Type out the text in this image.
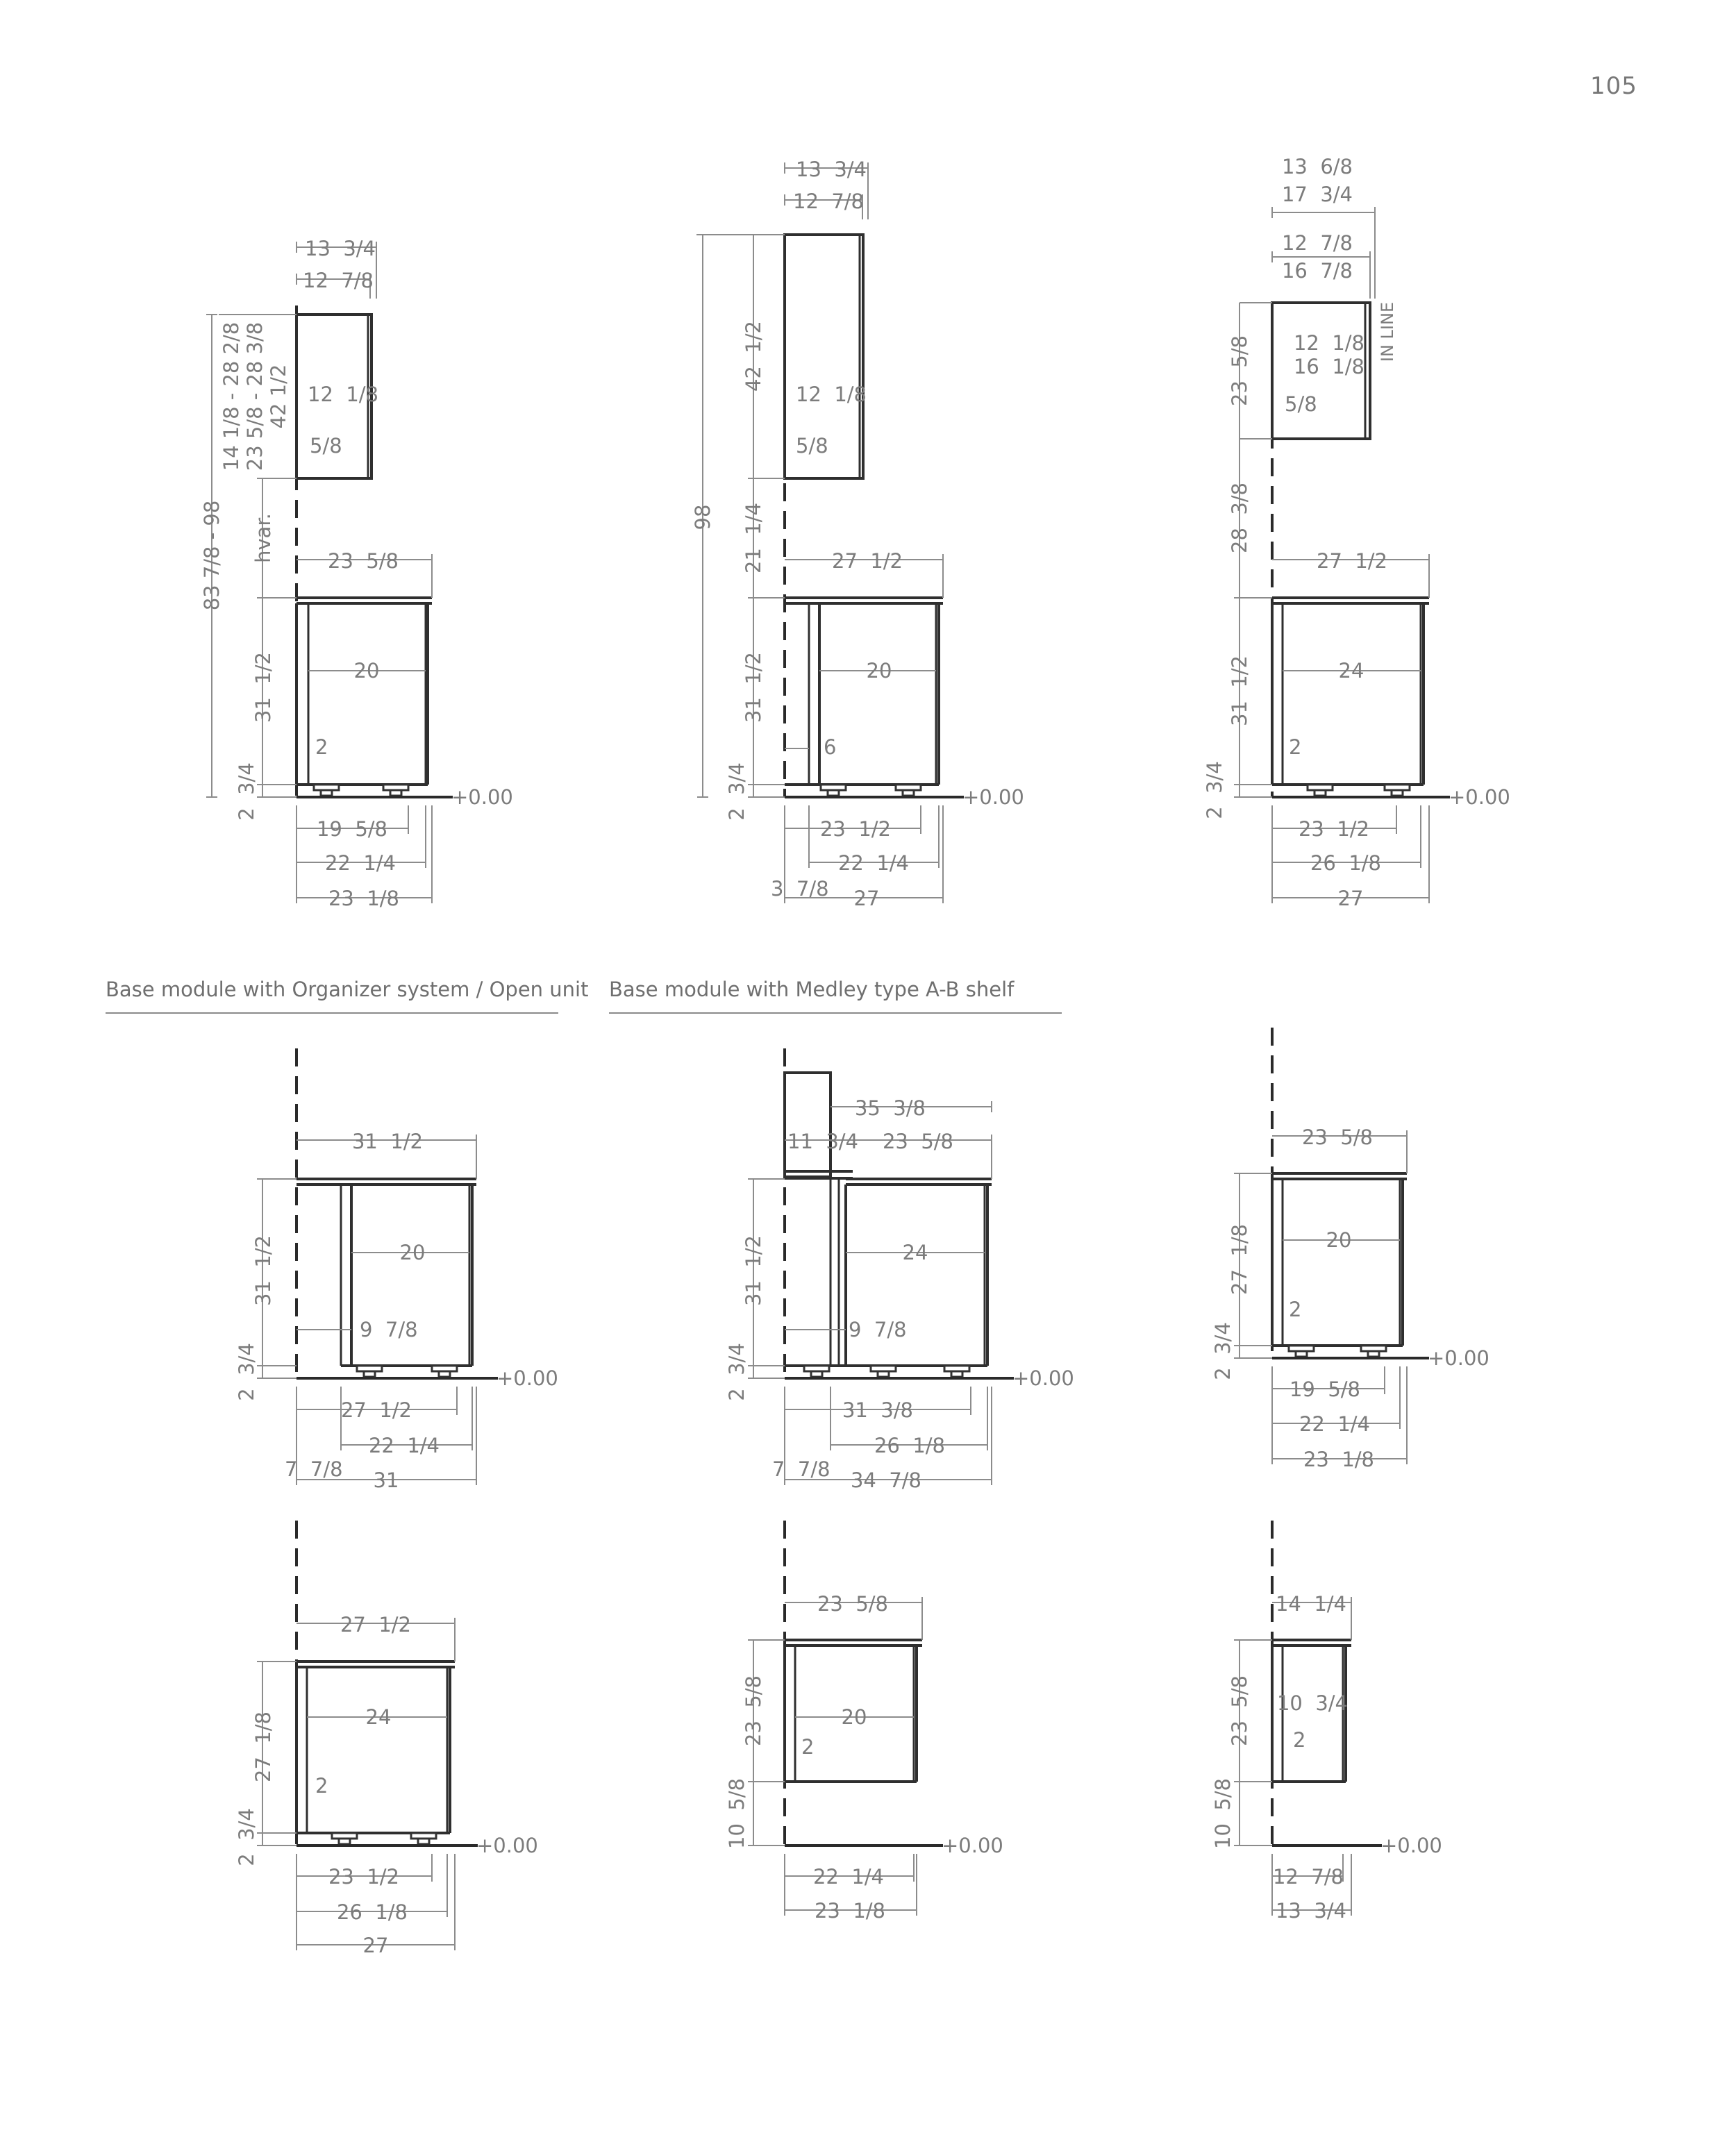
105
Base module with Organizer system / Open unit Base module with Medley type A-B shelf
13  3/4
12  7/8
12  1/8
5/8
23  5/8
20
2
+0.00
19  5/8
22  1/4
23  1/8
14 1/8 - 28 2/8 23 5/8 - 28 3/8 42 1/2
hvar.
83 7/8 - 98
31  1/2
2  3/4
13  3/4
12  7/8
12  1/8
5/8
27  1/2
20
6
+0.00
23  1/2
22  1/4
3  7/8 27
98
42  1/2
21  1/4
31  1/2
2  3/4
13  6/8
17  3/4
12  7/8
16  7/8
12  1/8
16  1/8
IN LINE
5/8
27  1/2
24
2
+0.00
23  1/2
26  1/8
27
23  5/8
28  3/8
31  1/2
2  3/4
31  1/2
20
9  7/8
+0.00
27  1/2
22  1/4
7  7/8 31
31  1/2
2  3/4
35  3/8
11  3/4 23  5/8
24
9  7/8
+0.00
31  3/8
26  1/8
7  7/8 34  7/8
31  1/2
2  3/4
23  5/8
20
2
+0.00
19  5/8
22  1/4
23  1/8
27  1/8
2  3/4
27  1/2
24
2
+0.00
23  1/2
26  1/8
27
27  1/8
2  3/4
23  5/8
20
2
+0.00
22  1/4
23  1/8
23  5/8
10  5/8
14  1/4
10  3/4
2
+0.00
12  7/8
13  3/4
23  5/8
10  5/8
